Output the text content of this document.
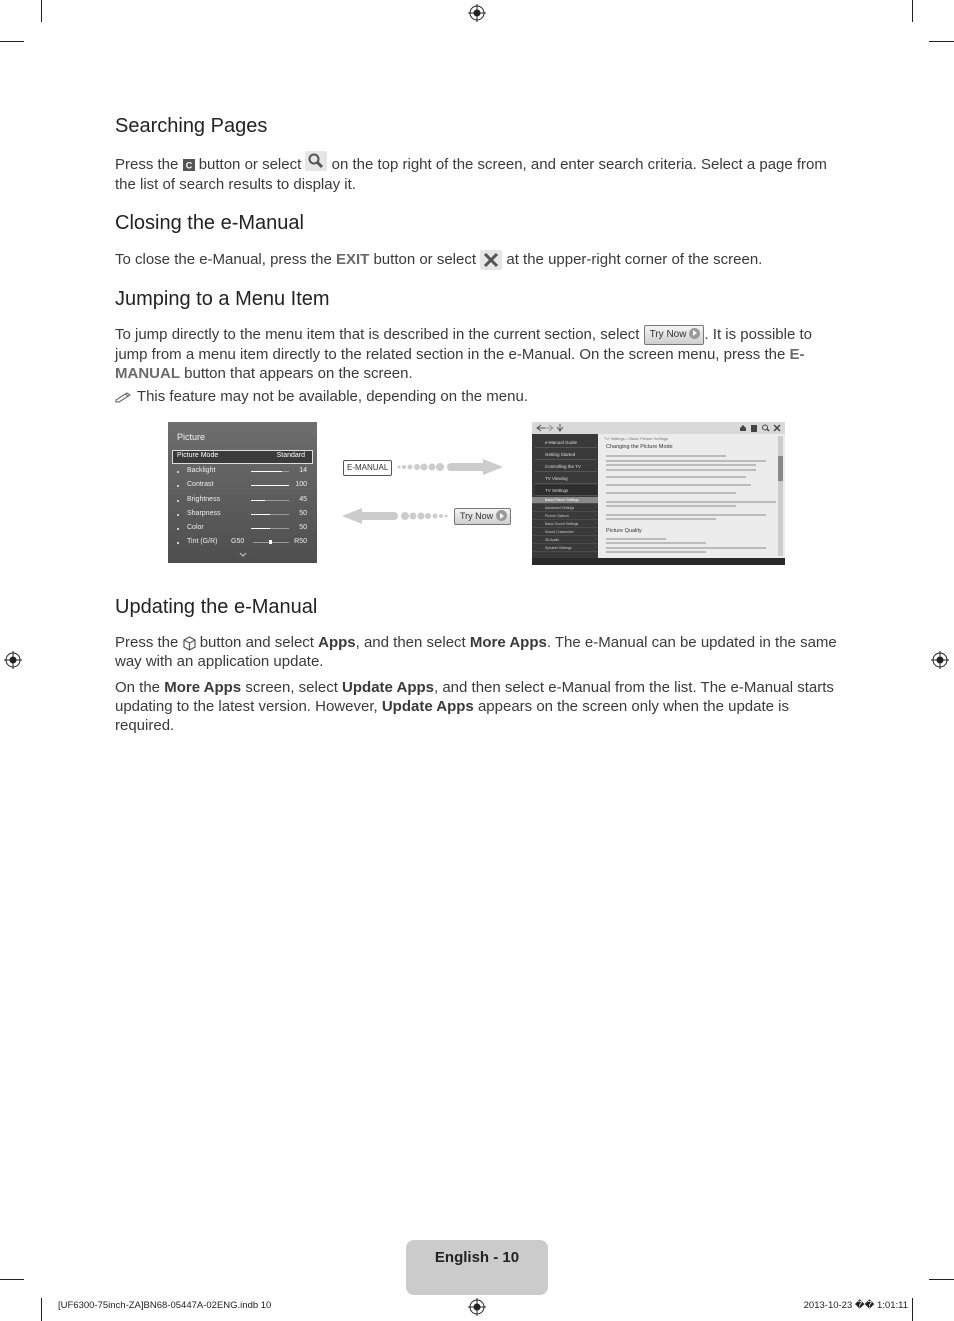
Searching Pages

Press the C button or select  on the top right of the screen, and enter search criteria. Select a page from the list of search results to display it.

Closing the e-Manual

To close the e-Manual, press the EXIT button or select  at the upper-right corner of the screen.

Jumping to a Menu Item

To jump directly to the menu item that is described in the current section, select Try Now . It is possible to jump from a menu item directly to the related section in the e-Manual. On the screen menu, press the E-MANUAL button that appears on the screen.

This feature may not be available, depending on the menu.
Picture
Picture Mode	Standard
Backlight	14
Contrast	100
Brightness	45
Sharpness	50
Color	50
Tint (G/R) G50	R50
E-MANUAL
Try Now
e-Manual Guide
Getting Started
Controlling the TV
TV Viewing
TV Settings
Basic Picture Settings
Advanced Settings
Picture Options
Basic Sound Settings
Sound Customizer
3D Audio
Speaker Settings
TV Settings > Basic Picture Settings
Changing the Picture Mode
Picture Quality
Updating the e-Manual

Press the  button and select Apps, and then select More Apps. The e-Manual can be updated in the same way with an application update.

On the More Apps screen, select Update Apps, and then select e-Manual from the list. The e-Manual starts updating to the latest version. However, Update Apps appears on the screen only when the update is required.

English - 10
[UF6300-75inch-ZA]BN68-05447A-02ENG.indb 10	2013-10-23 �� 1:01:11
